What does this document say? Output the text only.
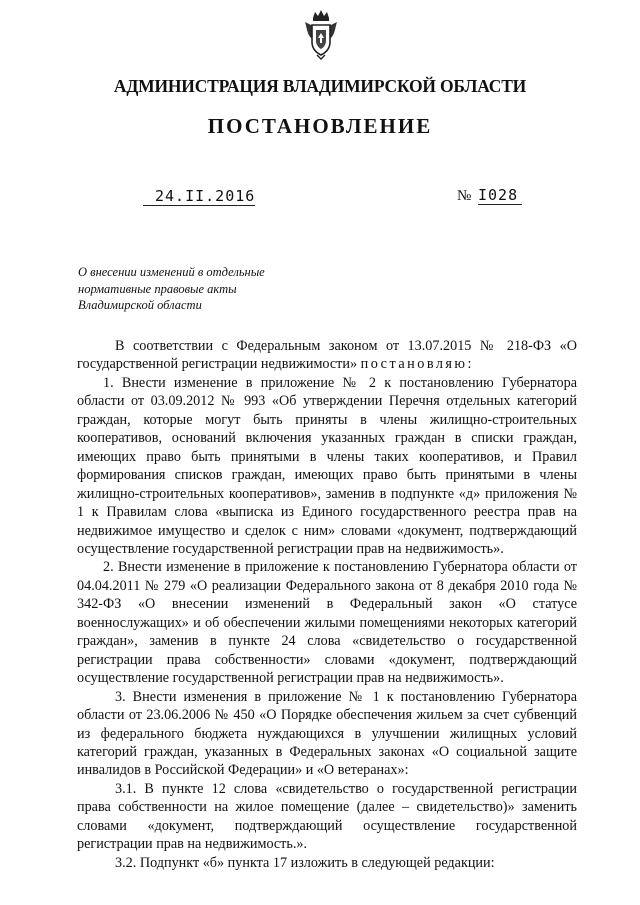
АДМИНИСТРАЦИЯ ВЛАДИМИРСКОЙ ОБЛАСТИ
ПОСТАНОВЛЕНИЕ
24.II.2016	№ I028
О внесении изменений в отдельные
нормативные правовые акты
Владимирской области

В соответствии с Федеральным законом от 13.07.2015 № 218-ФЗ «О государственной регистрации недвижимости» постановляю:

1. Внести изменение в приложение № 2 к постановлению Губернатора области от 03.09.2012 № 993 «Об утверждении Перечня отдельных категорий граждан, которые могут быть приняты в члены жилищно-строительных кооперативов, оснований включения указанных граждан в списки граждан, имеющих право быть принятыми в члены таких кооперативов, и Правил формирования списков граждан, имеющих право быть принятыми в члены жилищно-строительных кооперативов», заменив в подпункте «д» приложения № 1 к Правилам слова «выписка из Единого государственного реестра прав на недвижимое имущество и сделок с ним» словами «документ, подтверждающий осуществление государственной регистрации прав на недвижимость».

2. Внести изменение в приложение к постановлению Губернатора области от 04.04.2011 № 279 «О реализации Федерального закона от 8 декабря 2010 года № 342-ФЗ «О внесении изменений в Федеральный закон «О статусе военнослужащих» и об обеспечении жилыми помещениями некоторых категорий граждан», заменив в пункте 24 слова «свидетельство о государственной регистрации права собственности» словами «документ, подтверждающий осуществление государственной регистрации прав на недвижимость».

3. Внести изменения в приложение № 1 к постановлению Губернатора области от 23.06.2006 № 450 «О Порядке обеспечения жильем за счет субвенций из федерального бюджета нуждающихся в улучшении жилищных условий категорий граждан, указанных в Федеральных законах «О социальной защите инвалидов в Российской Федерации» и «О ветеранах»:

3.1. В пункте 12 слова «свидетельство о государственной регистрации права собственности на жилое помещение (далее – свидетельство)» заменить словами «документ, подтверждающий осуществление государственной регистрации прав на недвижимость.».

3.2. Подпункт «б» пункта 17 изложить в следующей редакции:
